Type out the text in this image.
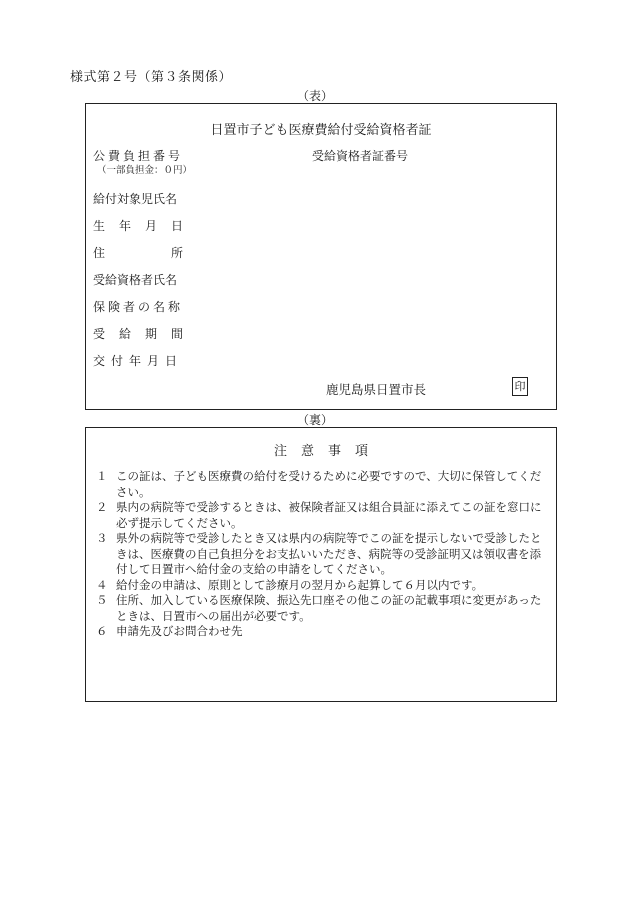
様式第２号（第３条関係）
（表）
日置市子ども医療費給付受給資格者証
公費負担番号
（一部負担金：０円）
受給資格者証番号
給付対象児氏名
生 年 月 日
住	所
受給資格者氏名
保険者の名称
受 給 期 間
交付年月日
鹿児島県日置市長	印
（裏）
注意事項
１ この証は、子ども医療費の給付を受けるために必要ですので、大切に保管してください。
２ 県内の病院等で受診するときは、被保険者証又は組合員証に添えてこの証を窓口に必ず提示してください。
３ 県外の病院等で受診したとき又は県内の病院等でこの証を提示しないで受診したときは、医療費の自己負担分をお支払いいただき、病院等の受診証明又は領収書を添付して日置市へ給付金の支給の申請をしてください。
４ 給付金の申請は、原則として診療月の翌月から起算して６月以内です。
５ 住所、加入している医療保険、振込先口座その他この証の記載事項に変更があったときは、日置市への届出が必要です。
６ 申請先及びお問合わせ先
